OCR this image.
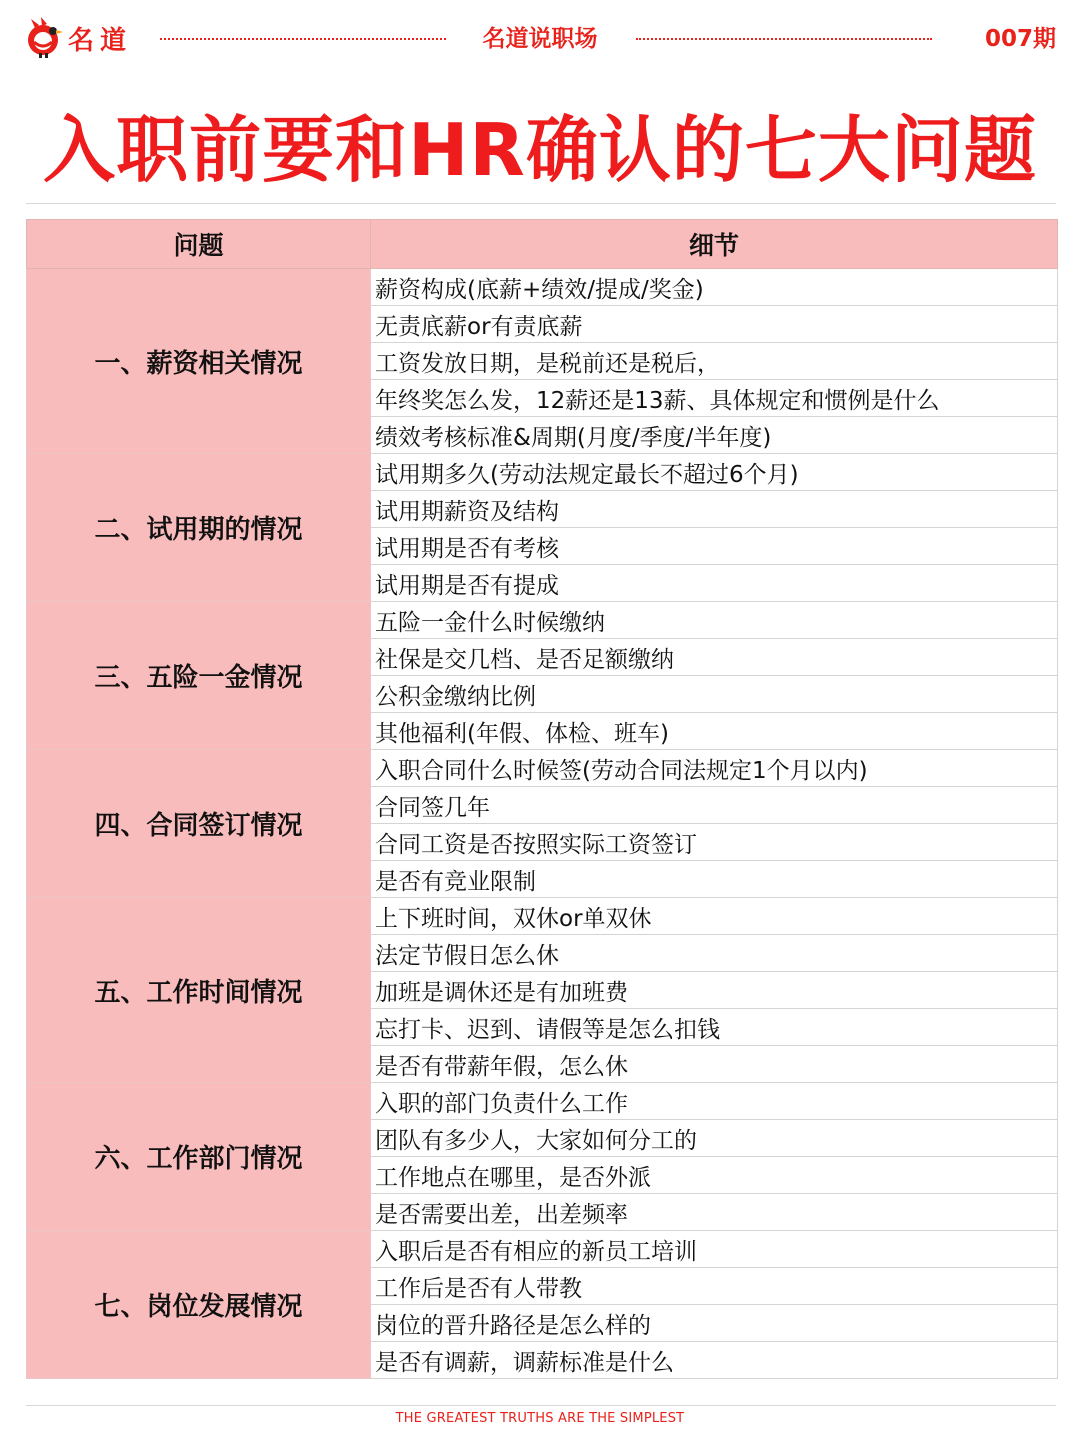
名道	名道说职场	007期
入职前要和HR确认的七大问题
问题	细节
一、薪资相关情况	薪资构成(底薪+绩效/提成/奖金)
	无责底薪or有责底薪
	工资发放日期，是税前还是税后，
	年终奖怎么发，12薪还是13薪、具体规定和惯例是什么
	绩效考核标准&周期(月度/季度/半年度)
二、试用期的情况	试用期多久(劳动法规定最长不超过6个月)
	试用期薪资及结构
	试用期是否有考核
	试用期是否有提成
三、五险一金情况	五险一金什么时候缴纳
	社保是交几档、是否足额缴纳
	公积金缴纳比例
	其他福利(年假、体检、班车)
四、合同签订情况	入职合同什么时候签(劳动合同法规定1个月以内)
	合同签几年
	合同工资是否按照实际工资签订
	是否有竞业限制
五、工作时间情况	上下班时间，双休or单双休
	法定节假日怎么休
	加班是调休还是有加班费
	忘打卡、迟到、请假等是怎么扣钱
	是否有带薪年假，怎么休
六、工作部门情况	入职的部门负责什么工作
	团队有多少人，大家如何分工的
	工作地点在哪里，是否外派
	是否需要出差，出差频率
七、岗位发展情况	入职后是否有相应的新员工培训
	工作后是否有人带教
	岗位的晋升路径是怎么样的
	是否有调薪，调薪标准是什么
THE GREATEST TRUTHS ARE THE SIMPLEST
